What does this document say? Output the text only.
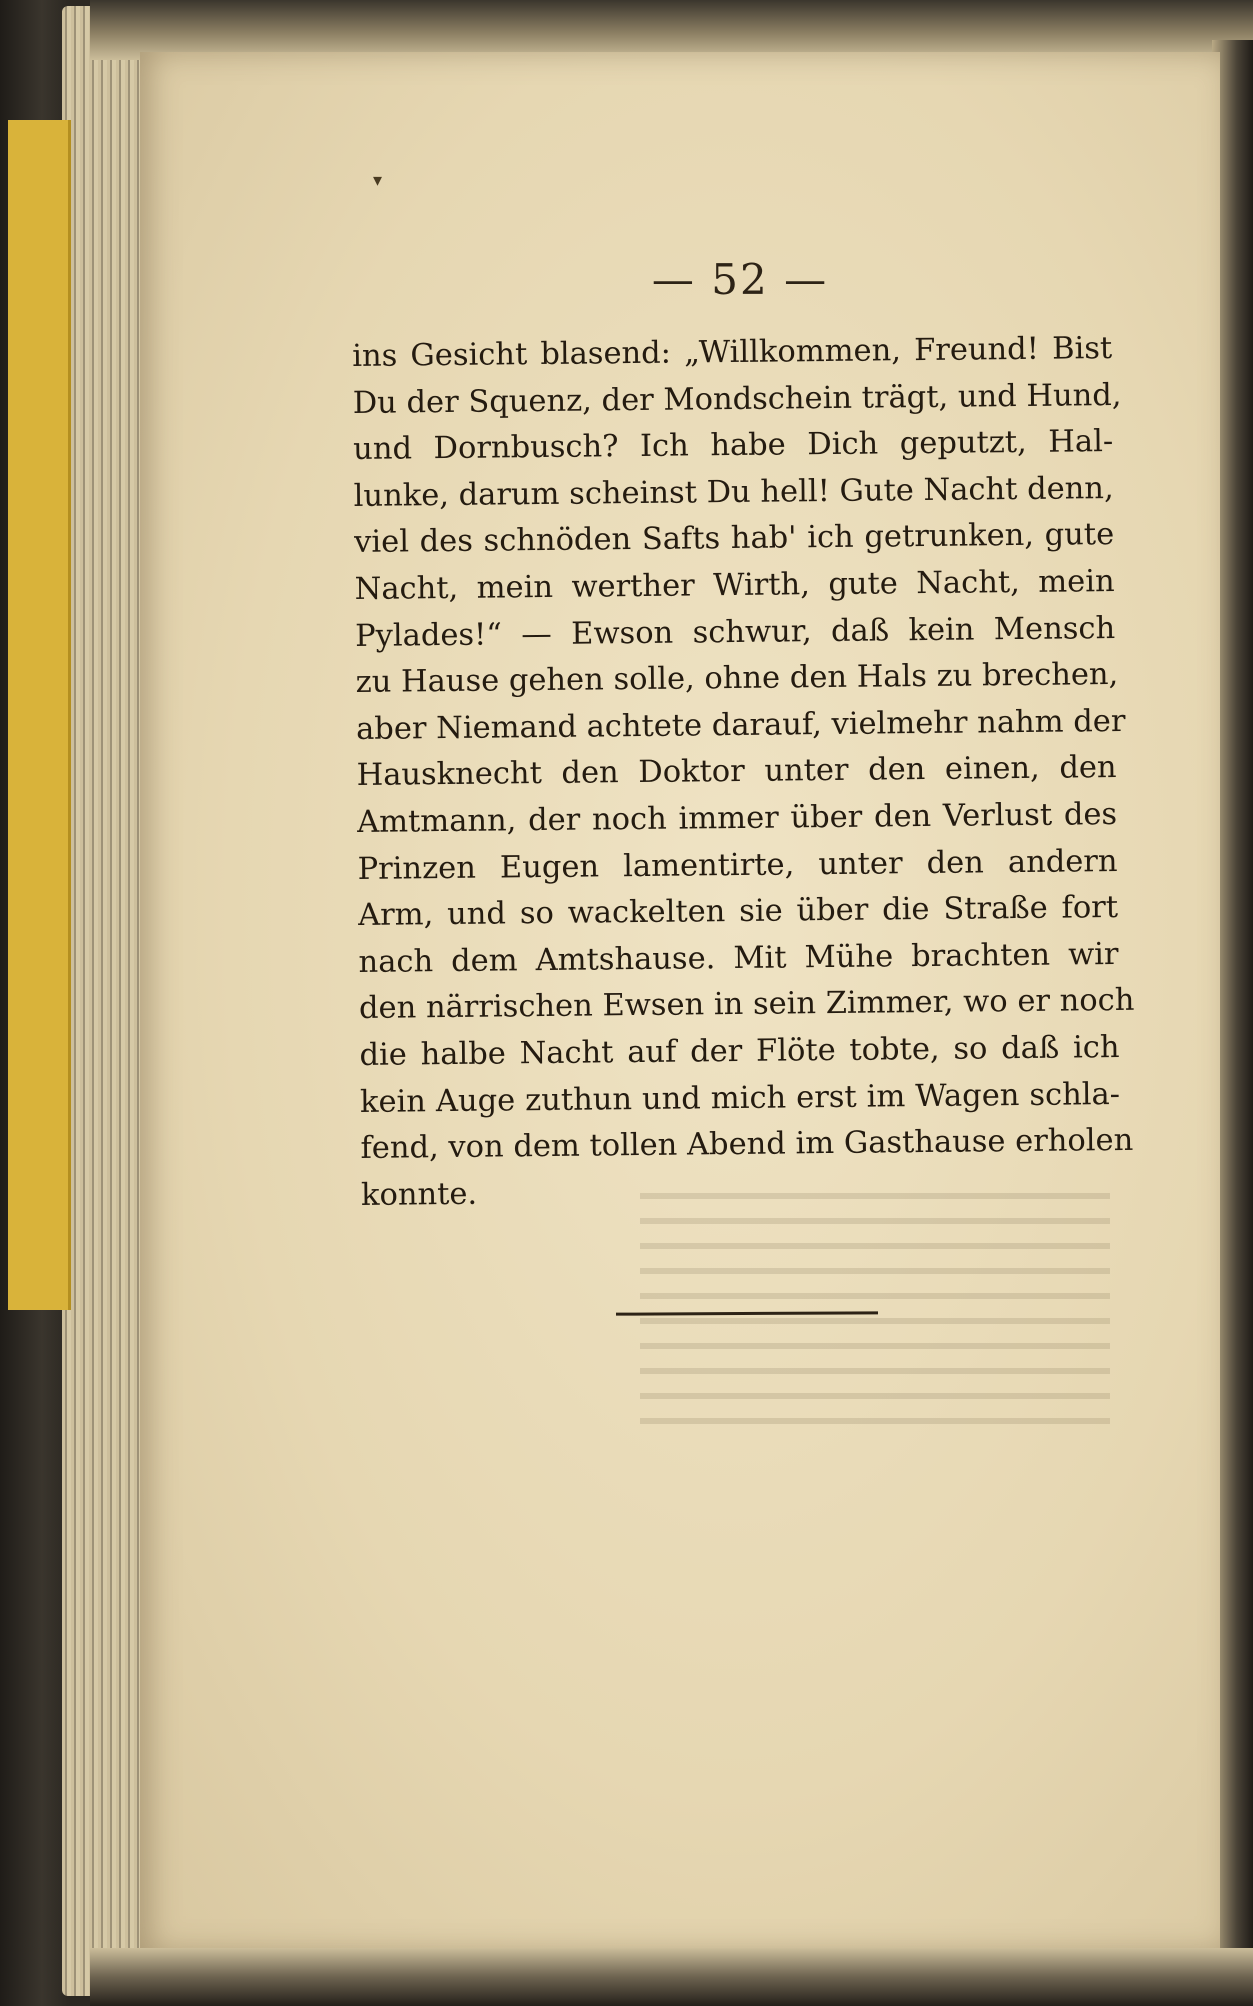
▾
— 52 —
ins Gesicht blasend: „Willkommen, Freund! Bist
Du der Squenz, der Mondschein trägt, und Hund,
und Dornbusch? Ich habe Dich geputzt, Hal-
lunke, darum scheinst Du hell! Gute Nacht denn,
viel des schnöden Safts hab' ich getrunken, gute
Nacht, mein werther Wirth, gute Nacht, mein
Pylades!“ — Ewson schwur, daß kein Mensch
zu Hause gehen solle, ohne den Hals zu brechen,
aber Niemand achtete darauf, vielmehr nahm der
Hausknecht den Doktor unter den einen, den
Amtmann, der noch immer über den Verlust des
Prinzen Eugen lamentirte, unter den andern
Arm, und so wackelten sie über die Straße fort
nach dem Amtshause. Mit Mühe brachten wir
den närrischen Ewsen in sein Zimmer, wo er noch
die halbe Nacht auf der Flöte tobte, so daß ich
kein Auge zuthun und mich erst im Wagen schla-
fend, von dem tollen Abend im Gasthause erholen
konnte.
